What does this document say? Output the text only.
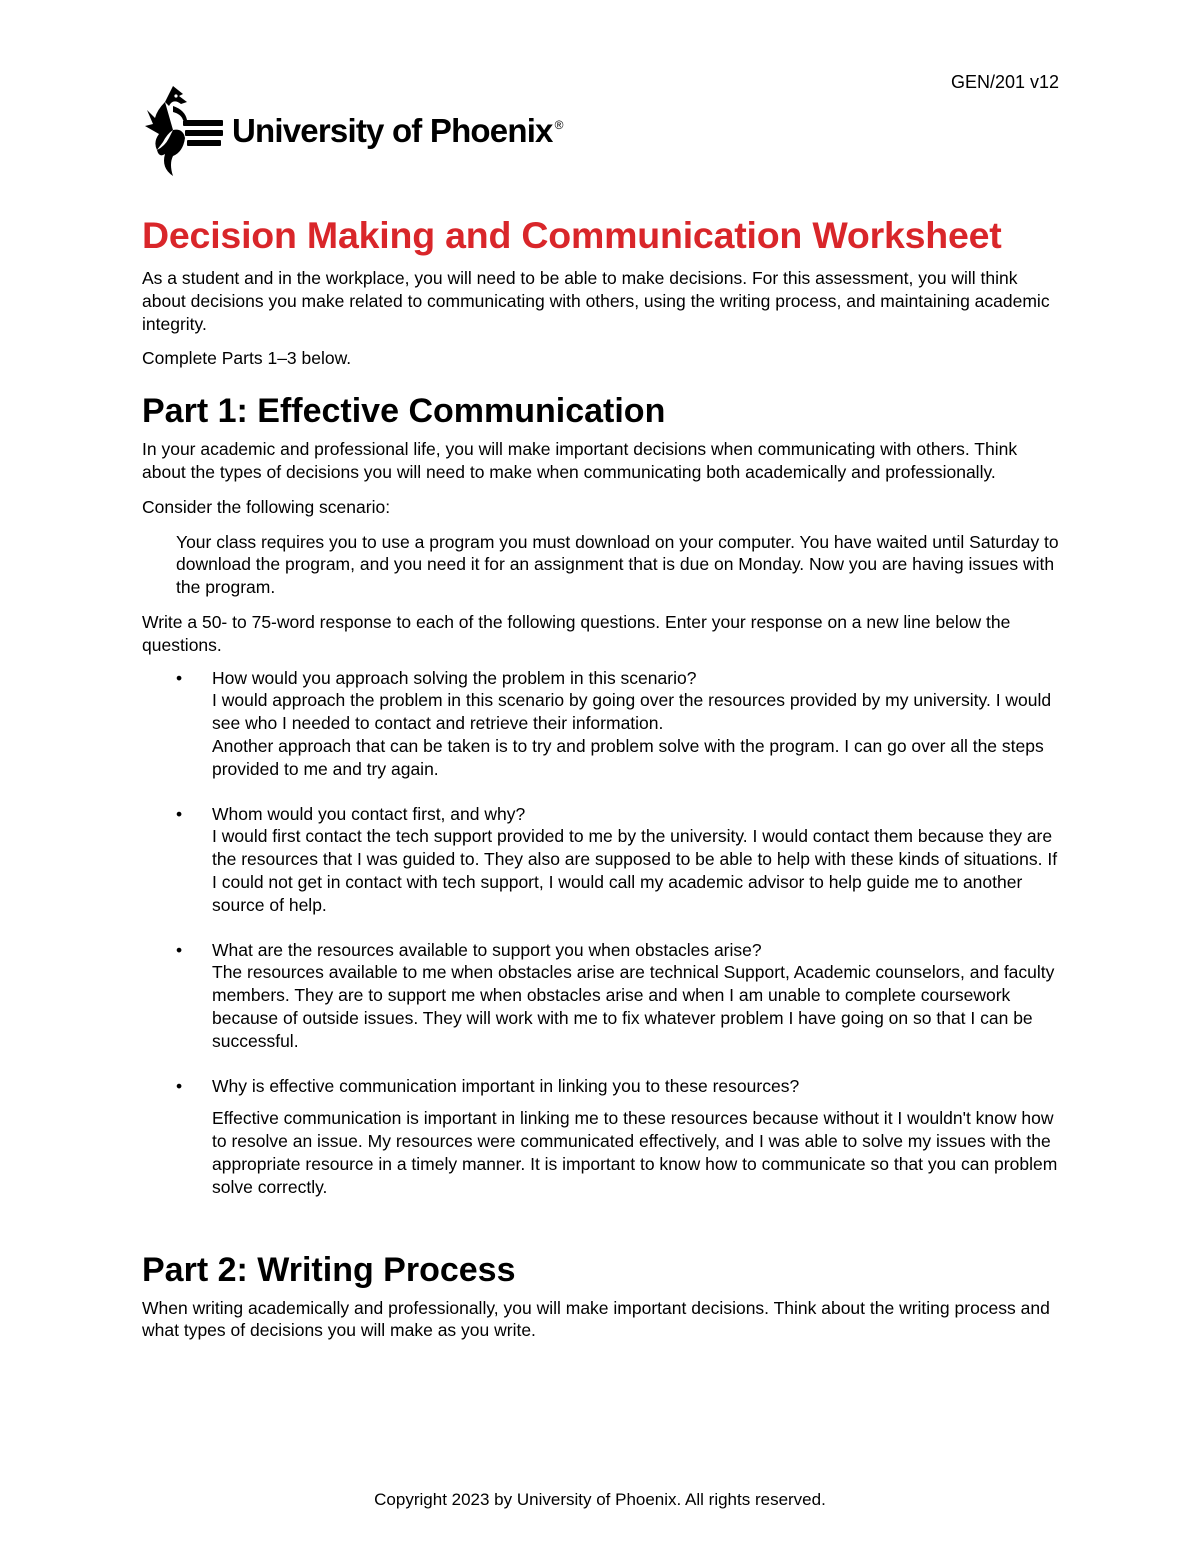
GEN/201 v12
University of Phoenix ®
Decision Making and Communication Worksheet

As a student and in the workplace, you will need to be able to make decisions. For this assessment, you will think about decisions you make related to communicating with others, using the writing process, and maintaining academic integrity.

Complete Parts 1–3 below.

Part 1: Effective Communication

In your academic and professional life, you will make important decisions when communicating with others. Think about the types of decisions you will need to make when communicating both academically and professionally.

Consider the following scenario:

Your class requires you to use a program you must download on your computer. You have waited until Saturday to download the program, and you need it for an assignment that is due on Monday. Now you are having issues with the program.

Write a 50- to 75-word response to each of the following questions. Enter your response on a new line below the questions.

• How would you approach solving the problem in this scenario?
I would approach the problem in this scenario by going over the resources provided by my university. I would see who I needed to contact and retrieve their information.
Another approach that can be taken is to try and problem solve with the program. I can go over all the steps provided to me and try again.
• Whom would you contact first, and why?
I would first contact the tech support provided to me by the university. I would contact them because they are the resources that I was guided to. They also are supposed to be able to help with these kinds of situations. If I could not get in contact with tech support, I would call my academic advisor to help guide me to another source of help.
• What are the resources available to support you when obstacles arise?
The resources available to me when obstacles arise are technical Support, Academic counselors, and faculty members. They are to support me when obstacles arise and when I am unable to complete coursework because of outside issues. They will work with me to fix whatever problem I have going on so that I can be successful.
• Why is effective communication important in linking you to these resources?
Effective communication is important in linking me to these resources because without it I wouldn't know how to resolve an issue. My resources were communicated effectively, and I was able to solve my issues with the appropriate resource in a timely manner. It is important to know how to communicate so that you can problem solve correctly.
Part 2: Writing Process

When writing academically and professionally, you will make important decisions. Think about the writing process and what types of decisions you will make as you write.

Copyright 2023 by University of Phoenix. All rights reserved.
